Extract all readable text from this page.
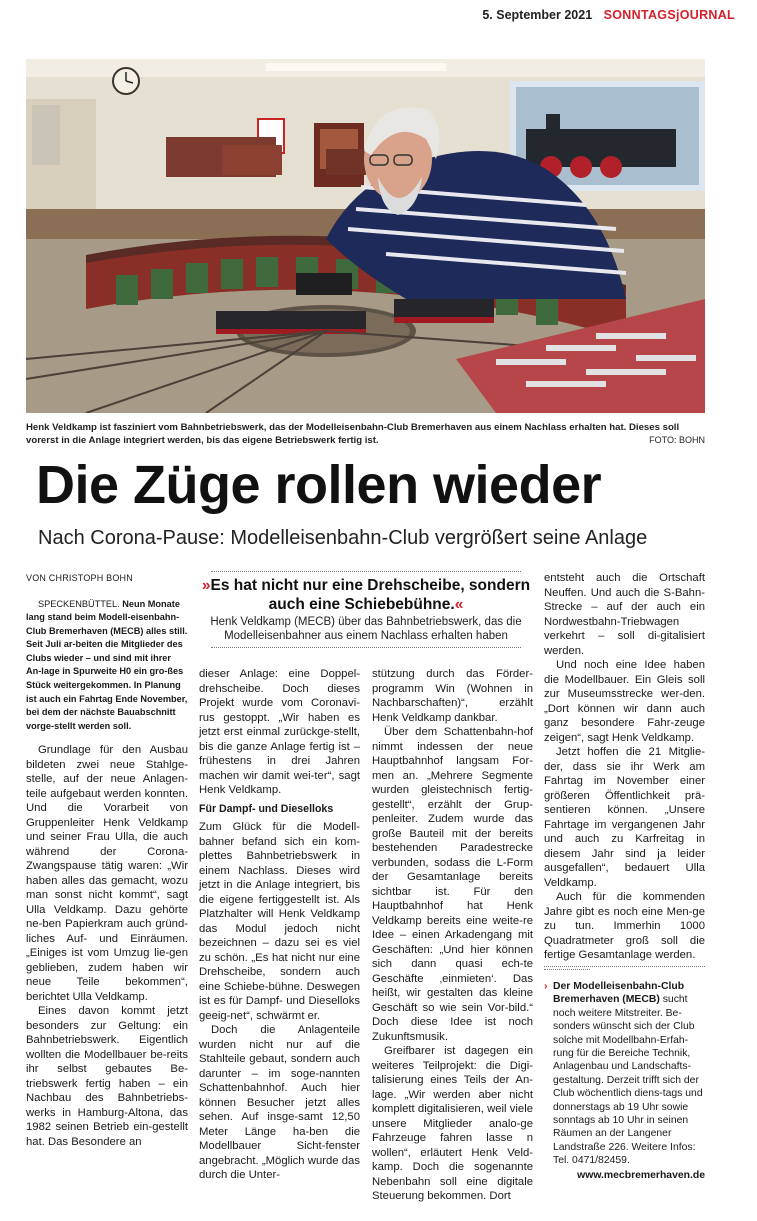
5. September 2021 SONNTAGSjOURNAL
Henk Veldkamp ist fasziniert vom Bahnbetriebswerk, das der Modelleisenbahn-Club Bremerhaven aus einem Nachlass erhalten hat. Dieses soll vorerst in die Anlage integriert werden, bis das eigene Betriebswerk fertig ist.	FOTO: BOHN
Die Züge rollen wieder
Nach Corona-Pause: Modelleisenbahn-Club vergrößert seine Anlage

VON CHRISTOPH BOHN

SPECKENBÜTTEL. Neun Monate lang stand beim Modell-eisenbahn-Club Bremerhaven (MECB) alles still. Seit Juli ar-beiten die Mitglieder des Clubs wieder – und sind mit ihrer An-lage in Spurweite H0 ein gro-ßes Stück weitergekommen. In Planung ist auch ein Fahrtag Ende November, bei dem der nächste Bauabschnitt vorge-stellt werden soll.

Grundlage für den Ausbau bildeten zwei neue Stahlge-stelle, auf der neue Anlagen-teile aufgebaut werden konnten. Und die Vorarbeit von Gruppenleiter Henk Veldkamp und seiner Frau Ulla, die auch während der Corona-Zwangspause tätig waren: „Wir haben alles das gemacht, wozu man sonst nicht kommt“, sagt Ulla Veldkamp. Dazu gehörte ne-ben Papierkram auch gründ-liches Auf- und Einräumen. „Einiges ist vom Umzug lie-gen geblieben, zudem haben wir neue Teile bekommen“, berichtet Ulla Veldkamp.

Eines davon kommt jetzt besonders zur Geltung: ein Bahnbetriebswerk. Eigentlich wollten die Modellbauer be-reits ihr selbst gebautes Be-triebswerk fertig haben – ein Nachbau des Bahnbetriebs-werks in Hamburg-Altona, das 1982 seinen Betrieb ein-gestellt hat. Das Besondere an

»Es hat nicht nur eine Drehscheibe, sondern auch eine Schiebebühne.«
Henk Veldkamp (MECB) über das Bahnbetriebswerk, das die Modelleisenbahner aus einem Nachlass erhalten haben

dieser Anlage: eine Doppel-drehscheibe. Doch dieses Projekt wurde vom Coronavi-rus gestoppt. „Wir haben es jetzt erst einmal zurückge-stellt, bis die ganze Anlage fertig ist – frühestens in drei Jahren machen wir damit wei-ter“, sagt Henk Veldkamp.

Für Dampf- und Dieselloks

Zum Glück für die Modell-bahner befand sich ein kom-plettes Bahnbetriebswerk in einem Nachlass. Dieses wird jetzt in die Anlage integriert, bis die eigene fertiggestellt ist. Als Platzhalter will Henk Veldkamp das Modul jedoch nicht bezeichnen – dazu sei es viel zu schön. „Es hat nicht nur eine Drehscheibe, sondern auch eine Schiebe-bühne. Deswegen ist es für Dampf- und Dieselloks geeig-net“, schwärmt er.

Doch die Anlagenteile wurden nicht nur auf die Stahlteile gebaut, sondern auch darunter – im soge-nannten Schattenbahnhof. Auch hier können Besucher jetzt alles sehen. Auf insge-samt 12,50 Meter Länge ha-ben die Modellbauer Sicht-fenster angebracht. „Möglich wurde das durch die Unter-

stützung durch das Förder-programm Win (Wohnen in Nachbarschaften)“, erzählt Henk Veldkamp dankbar.

Über dem Schattenbahn-hof nimmt indessen der neue Hauptbahnhof langsam For-men an. „Mehrere Segmente wurden gleistechnisch fertig-gestellt“, erzählt der Grup-penleiter. Zudem wurde das große Bauteil mit der bereits bestehenden Paradestrecke verbunden, sodass die L-Form der Gesamtanlage bereits sichtbar ist. Für den Hauptbahnhof hat Henk Veldkamp bereits eine weite-re Idee – einen Arkadengang mit Geschäften: „Und hier können sich dann quasi ech-te Geschäfte ‚einmieten‘. Das heißt, wir gestalten das kleine Geschäft so wie sein Vor-bild.“ Doch diese Idee ist noch Zukunftsmusik.

Greifbarer ist dagegen ein weiteres Teilprojekt: die Digi-talisierung eines Teils der An-lage. „Wir werden aber nicht komplett digitalisieren, weil viele unsere Mitglieder analo-ge Fahrzeuge fahren lasse n wollen“, erläutert Henk Veld-kamp. Doch die sogenannte Nebenbahn soll eine digitale Steuerung bekommen. Dort

entsteht auch die Ortschaft Neuffen. Und auch die S-Bahn-Strecke – auf der auch ein Nordwestbahn-Triebwagen verkehrt – soll di-gitalisiert werden.

Und noch eine Idee haben die Modellbauer. Ein Gleis soll zur Museumsstrecke wer-den. „Dort können wir dann auch ganz besondere Fahr-zeuge zeigen“, sagt Henk Veldkamp.

Jetzt hoffen die 21 Mitglie-der, dass sie ihr Werk am Fahrtag im November einer größeren Öffentlichkeit prä-sentieren können. „Unsere Fahrtage im vergangenen Jahr und auch zu Karfreitag in diesem Jahr sind ja leider ausgefallen“, bedauert Ulla Veldkamp.

Auch für die kommenden Jahre gibt es noch eine Men-ge zu tun. Immerhin 1000 Quadratmeter groß soll die fertige Gesamtanlage werden.

› Der Modelleisenbahn-Club Bremerhaven (MECB) sucht noch weitere Mitstreiter. Be-sonders wünscht sich der Club solche mit Modellbahn-Erfah-rung für die Bereiche Technik, Anlagenbau und Landschafts-gestaltung. Derzeit trifft sich der Club wöchentlich diens-tags und donnerstags ab 19 Uhr sowie sonntags ab 10 Uhr in seinen Räumen an der Langener Landstraße 226. Weitere Infos: Tel. 0471/82459.
www.mecbremerhaven.de
